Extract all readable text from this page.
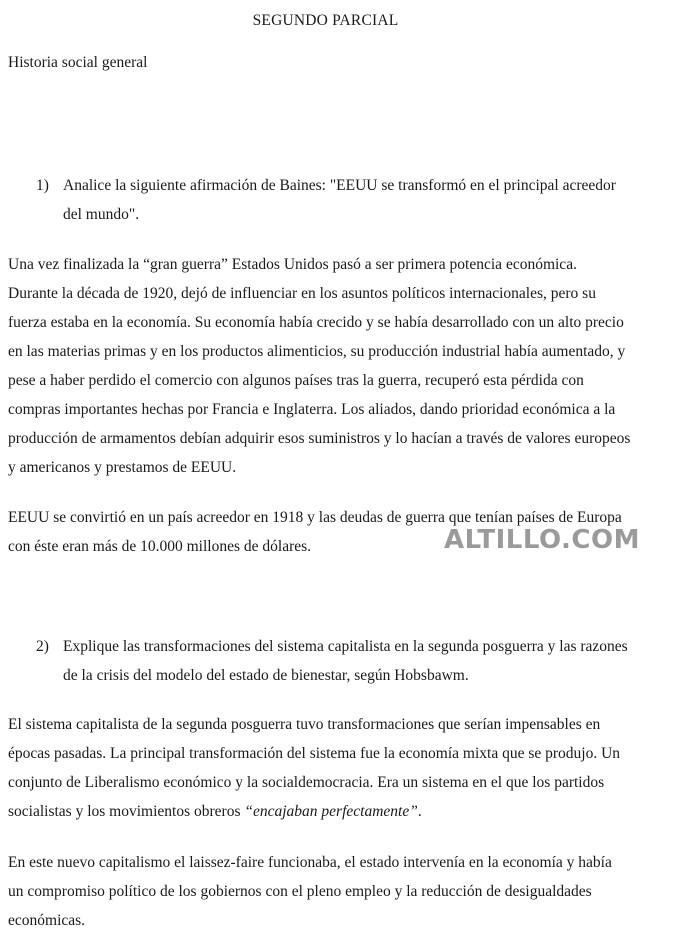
SEGUNDO PARCIAL
Historia social general
1) Analice la siguiente afirmación de Baines: "EEUU se transformó en el principal acreedor
del mundo".
Una vez finalizada la “gran guerra” Estados Unidos pasó a ser primera potencia económica.
Durante la década de 1920, dejó de influenciar en los asuntos políticos internacionales, pero su
fuerza estaba en la economía. Su economía había crecido y se había desarrollado con un alto precio
en las materias primas y en los productos alimenticios, su producción industrial había aumentado, y
pese a haber perdido el comercio con algunos países tras la guerra, recuperó esta pérdida con
compras importantes hechas por Francia e Inglaterra. Los aliados, dando prioridad económica a la
producción de armamentos debían adquirir esos suministros y lo hacían a través de valores europeos
y americanos y prestamos de EEUU.
EEUU se convirtió en un país acreedor en 1918 y las deudas de guerra que tenían países de Europa
con éste eran más de 10.000 millones de dólares.	ALTILLO.COM
2) Explique las transformaciones del sistema capitalista en la segunda posguerra y las razones
de la crisis del modelo del estado de bienestar, según Hobsbawm.
El sistema capitalista de la segunda posguerra tuvo transformaciones que serían impensables en
épocas pasadas. La principal transformación del sistema fue la economía mixta que se produjo. Un
conjunto de Liberalismo económico y la socialdemocracia. Era un sistema en el que los partidos
socialistas y los movimientos obreros “encajaban perfectamente”.
En este nuevo capitalismo el laissez-faire funcionaba, el estado intervenía en la economía y había
un compromiso político de los gobiernos con el pleno empleo y la reducción de desigualdades
económicas.
